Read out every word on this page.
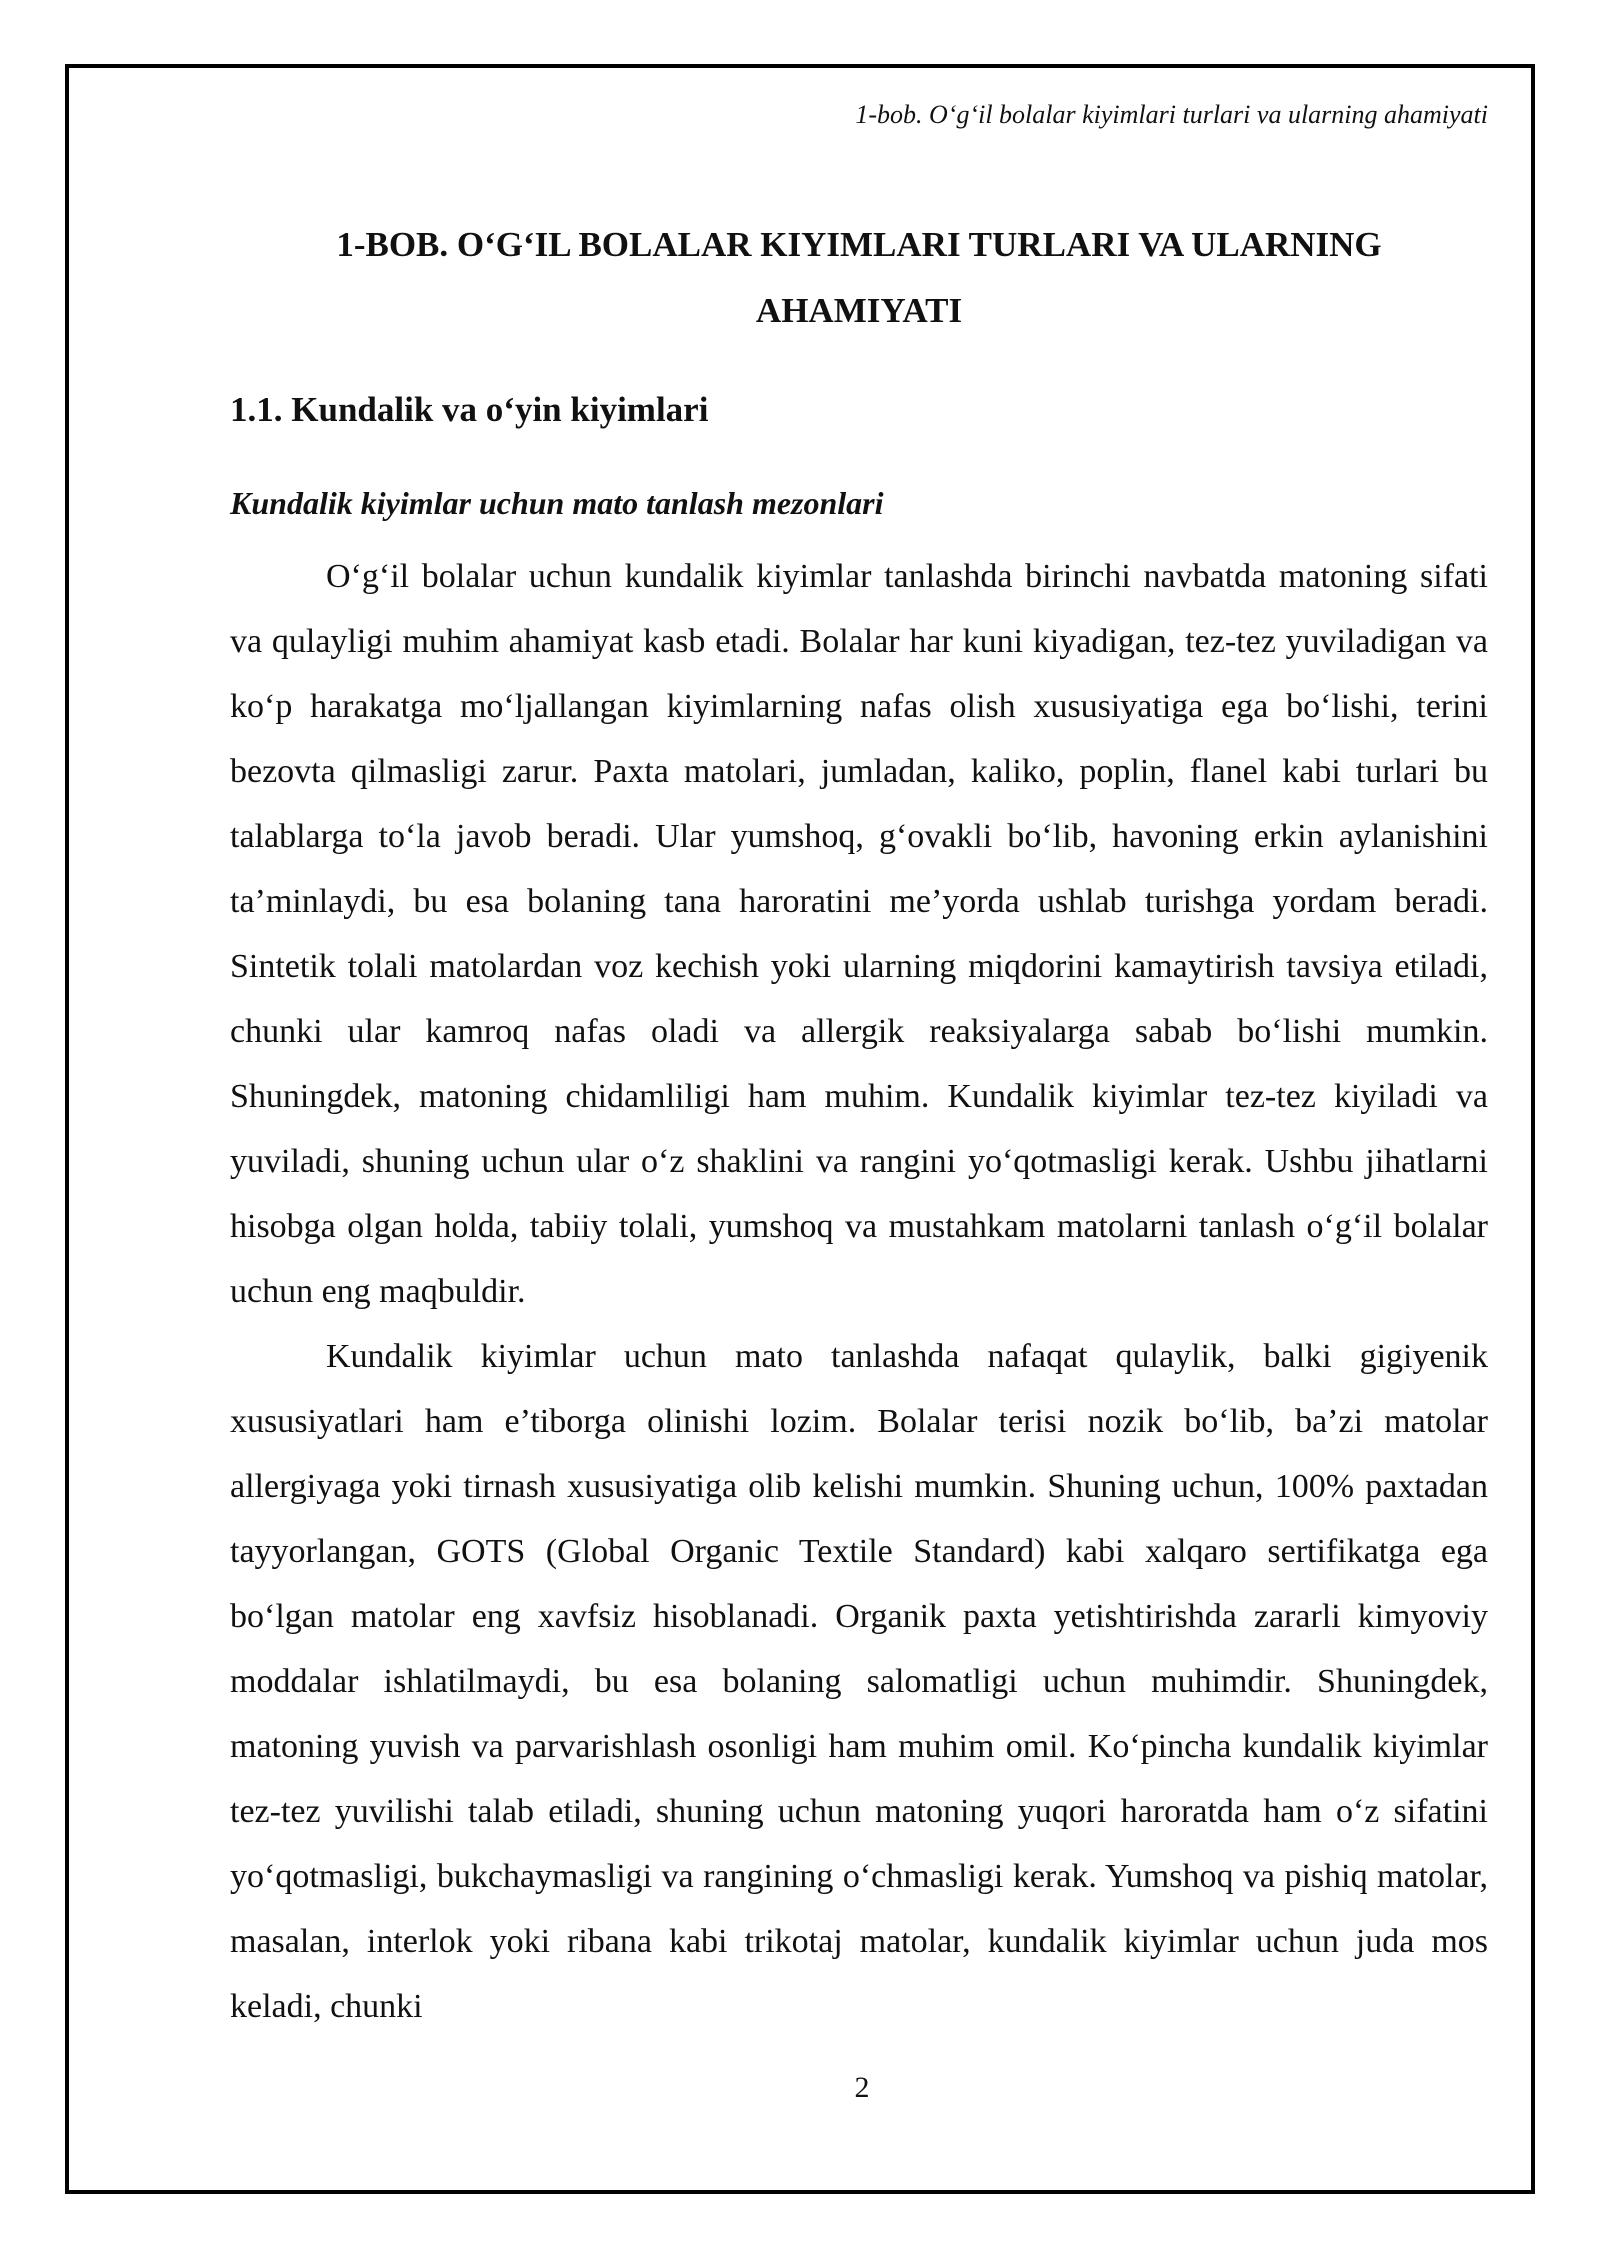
1-bob. O‘g‘il bolalar kiyimlari turlari va ularning ahamiyati
1-BOB. O‘G‘IL BOLALAR KIYIMLARI TURLARI VA ULARNING AHAMIYATI
1.1. Kundalik va o‘yin kiyimlari
Kundalik kiyimlar uchun mato tanlash mezonlari

O‘g‘il bolalar uchun kundalik kiyimlar tanlashda birinchi navbatda matoning sifati va qulayligi muhim ahamiyat kasb etadi. Bolalar har kuni kiyadigan, tez-tez yuviladigan va ko‘p harakatga mo‘ljallangan kiyimlarning nafas olish xususiyatiga ega bo‘lishi, terini bezovta qilmasligi zarur. Paxta matolari, jumladan, kaliko, poplin, flanel kabi turlari bu talablarga to‘la javob beradi. Ular yumshoq, g‘ovakli bo‘lib, havoning erkin aylanishini ta’minlaydi, bu esa bolaning tana haroratini me’yorda ushlab turishga yordam beradi. Sintetik tolali matolardan voz kechish yoki ularning miqdorini kamaytirish tavsiya etiladi, chunki ular kamroq nafas oladi va allergik reaksiyalarga sabab bo‘lishi mumkin. Shuningdek, matoning chidamliligi ham muhim. Kundalik kiyimlar tez-tez kiyiladi va yuviladi, shuning uchun ular o‘z shaklini va rangini yo‘qotmasligi kerak. Ushbu jihatlarni hisobga olgan holda, tabiiy tolali, yumshoq va mustahkam matolarni tanlash o‘g‘il bolalar uchun eng maqbuldir.

Kundalik kiyimlar uchun mato tanlashda nafaqat qulaylik, balki gigiyenik xususiyatlari ham e’tiborga olinishi lozim. Bolalar terisi nozik bo‘lib, ba’zi matolar allergiyaga yoki tirnash xususiyatiga olib kelishi mumkin. Shuning uchun, 100% paxtadan tayyorlangan, GOTS (Global Organic Textile Standard) kabi xalqaro sertifikatga ega bo‘lgan matolar eng xavfsiz hisoblanadi. Organik paxta yetishtirishda zararli kimyoviy moddalar ishlatilmaydi, bu esa bolaning salomatligi uchun muhimdir. Shuningdek, matoning yuvish va parvarishlash osonligi ham muhim omil. Ko‘pincha kundalik kiyimlar tez-tez yuvilishi talab etiladi, shuning uchun matoning yuqori haroratda ham o‘z sifatini yo‘qotmasligi, bukchaymasligi va rangining o‘chmasligi kerak. Yumshoq va pishiq matolar, masalan, interlok yoki ribana kabi trikotaj matolar, kundalik kiyimlar uchun juda mos keladi, chunki

2
